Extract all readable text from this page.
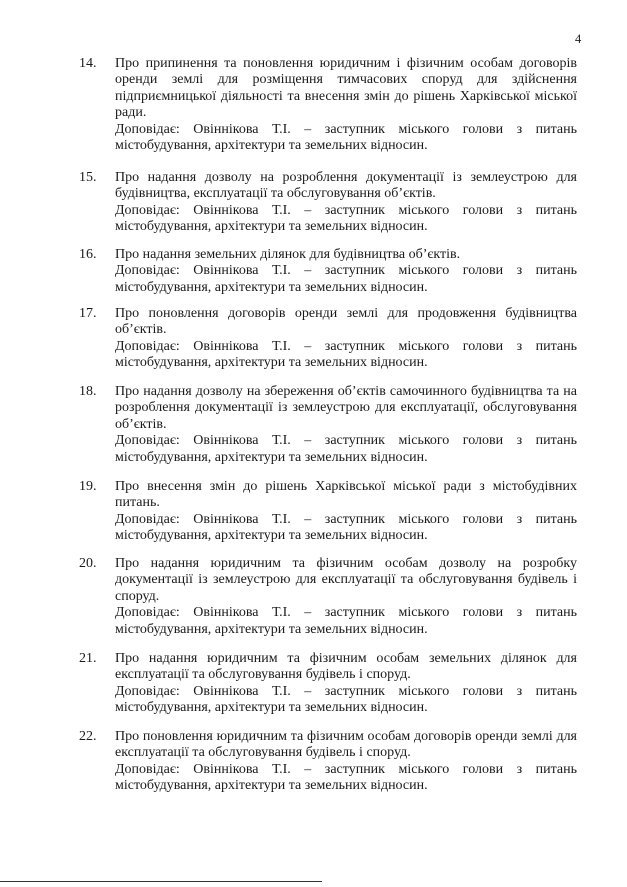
4
14.	Про припинення та поновлення юридичним і фізичним особам договорів оренди землі для розміщення тимчасових споруд для здійснення підприємницької діяльності та внесення змін до рішень Харківської міської ради.

Доповідає: Овіннікова Т.І. – заступник міського голови з питань містобудування, архітектури та земельних відносин.

15.	Про надання дозволу на розроблення документації із землеустрою для будівництва, експлуатації та обслуговування об’єктів.

Доповідає: Овіннікова Т.І. – заступник міського голови з питань містобудування, архітектури та земельних відносин.

16.	Про надання земельних ділянок для будівництва об’єктів.

Доповідає: Овіннікова Т.І. – заступник міського голови з питань містобудування, архітектури та земельних відносин.

17.	Про поновлення договорів оренди землі для продовження будівництва об’єктів.

Доповідає: Овіннікова Т.І. – заступник міського голови з питань містобудування, архітектури та земельних відносин.

18.	Про надання дозволу на збереження об’єктів самочинного будівництва та на розроблення документації із землеустрою для експлуатації, обслуговування об’єктів.

Доповідає: Овіннікова Т.І. – заступник міського голови з питань містобудування, архітектури та земельних відносин.

19.	Про внесення змін до рішень Харківської міської ради з містобудівних питань.

Доповідає: Овіннікова Т.І. – заступник міського голови з питань містобудування, архітектури та земельних відносин.

20.	Про надання юридичним та фізичним особам дозволу на розробку документації із землеустрою для експлуатації та обслуговування будівель і споруд.

Доповідає: Овіннікова Т.І. – заступник міського голови з питань містобудування, архітектури та земельних відносин.

21.	Про надання юридичним та фізичним особам земельних ділянок для експлуатації та обслуговування будівель і споруд.

Доповідає: Овіннікова Т.І. – заступник міського голови з питань містобудування, архітектури та земельних відносин.

22.	Про поновлення юридичним та фізичним особам договорів оренди землі для експлуатації та обслуговування будівель і споруд.

Доповідає: Овіннікова Т.І. – заступник міського голови з питань містобудування, архітектури та земельних відносин.
